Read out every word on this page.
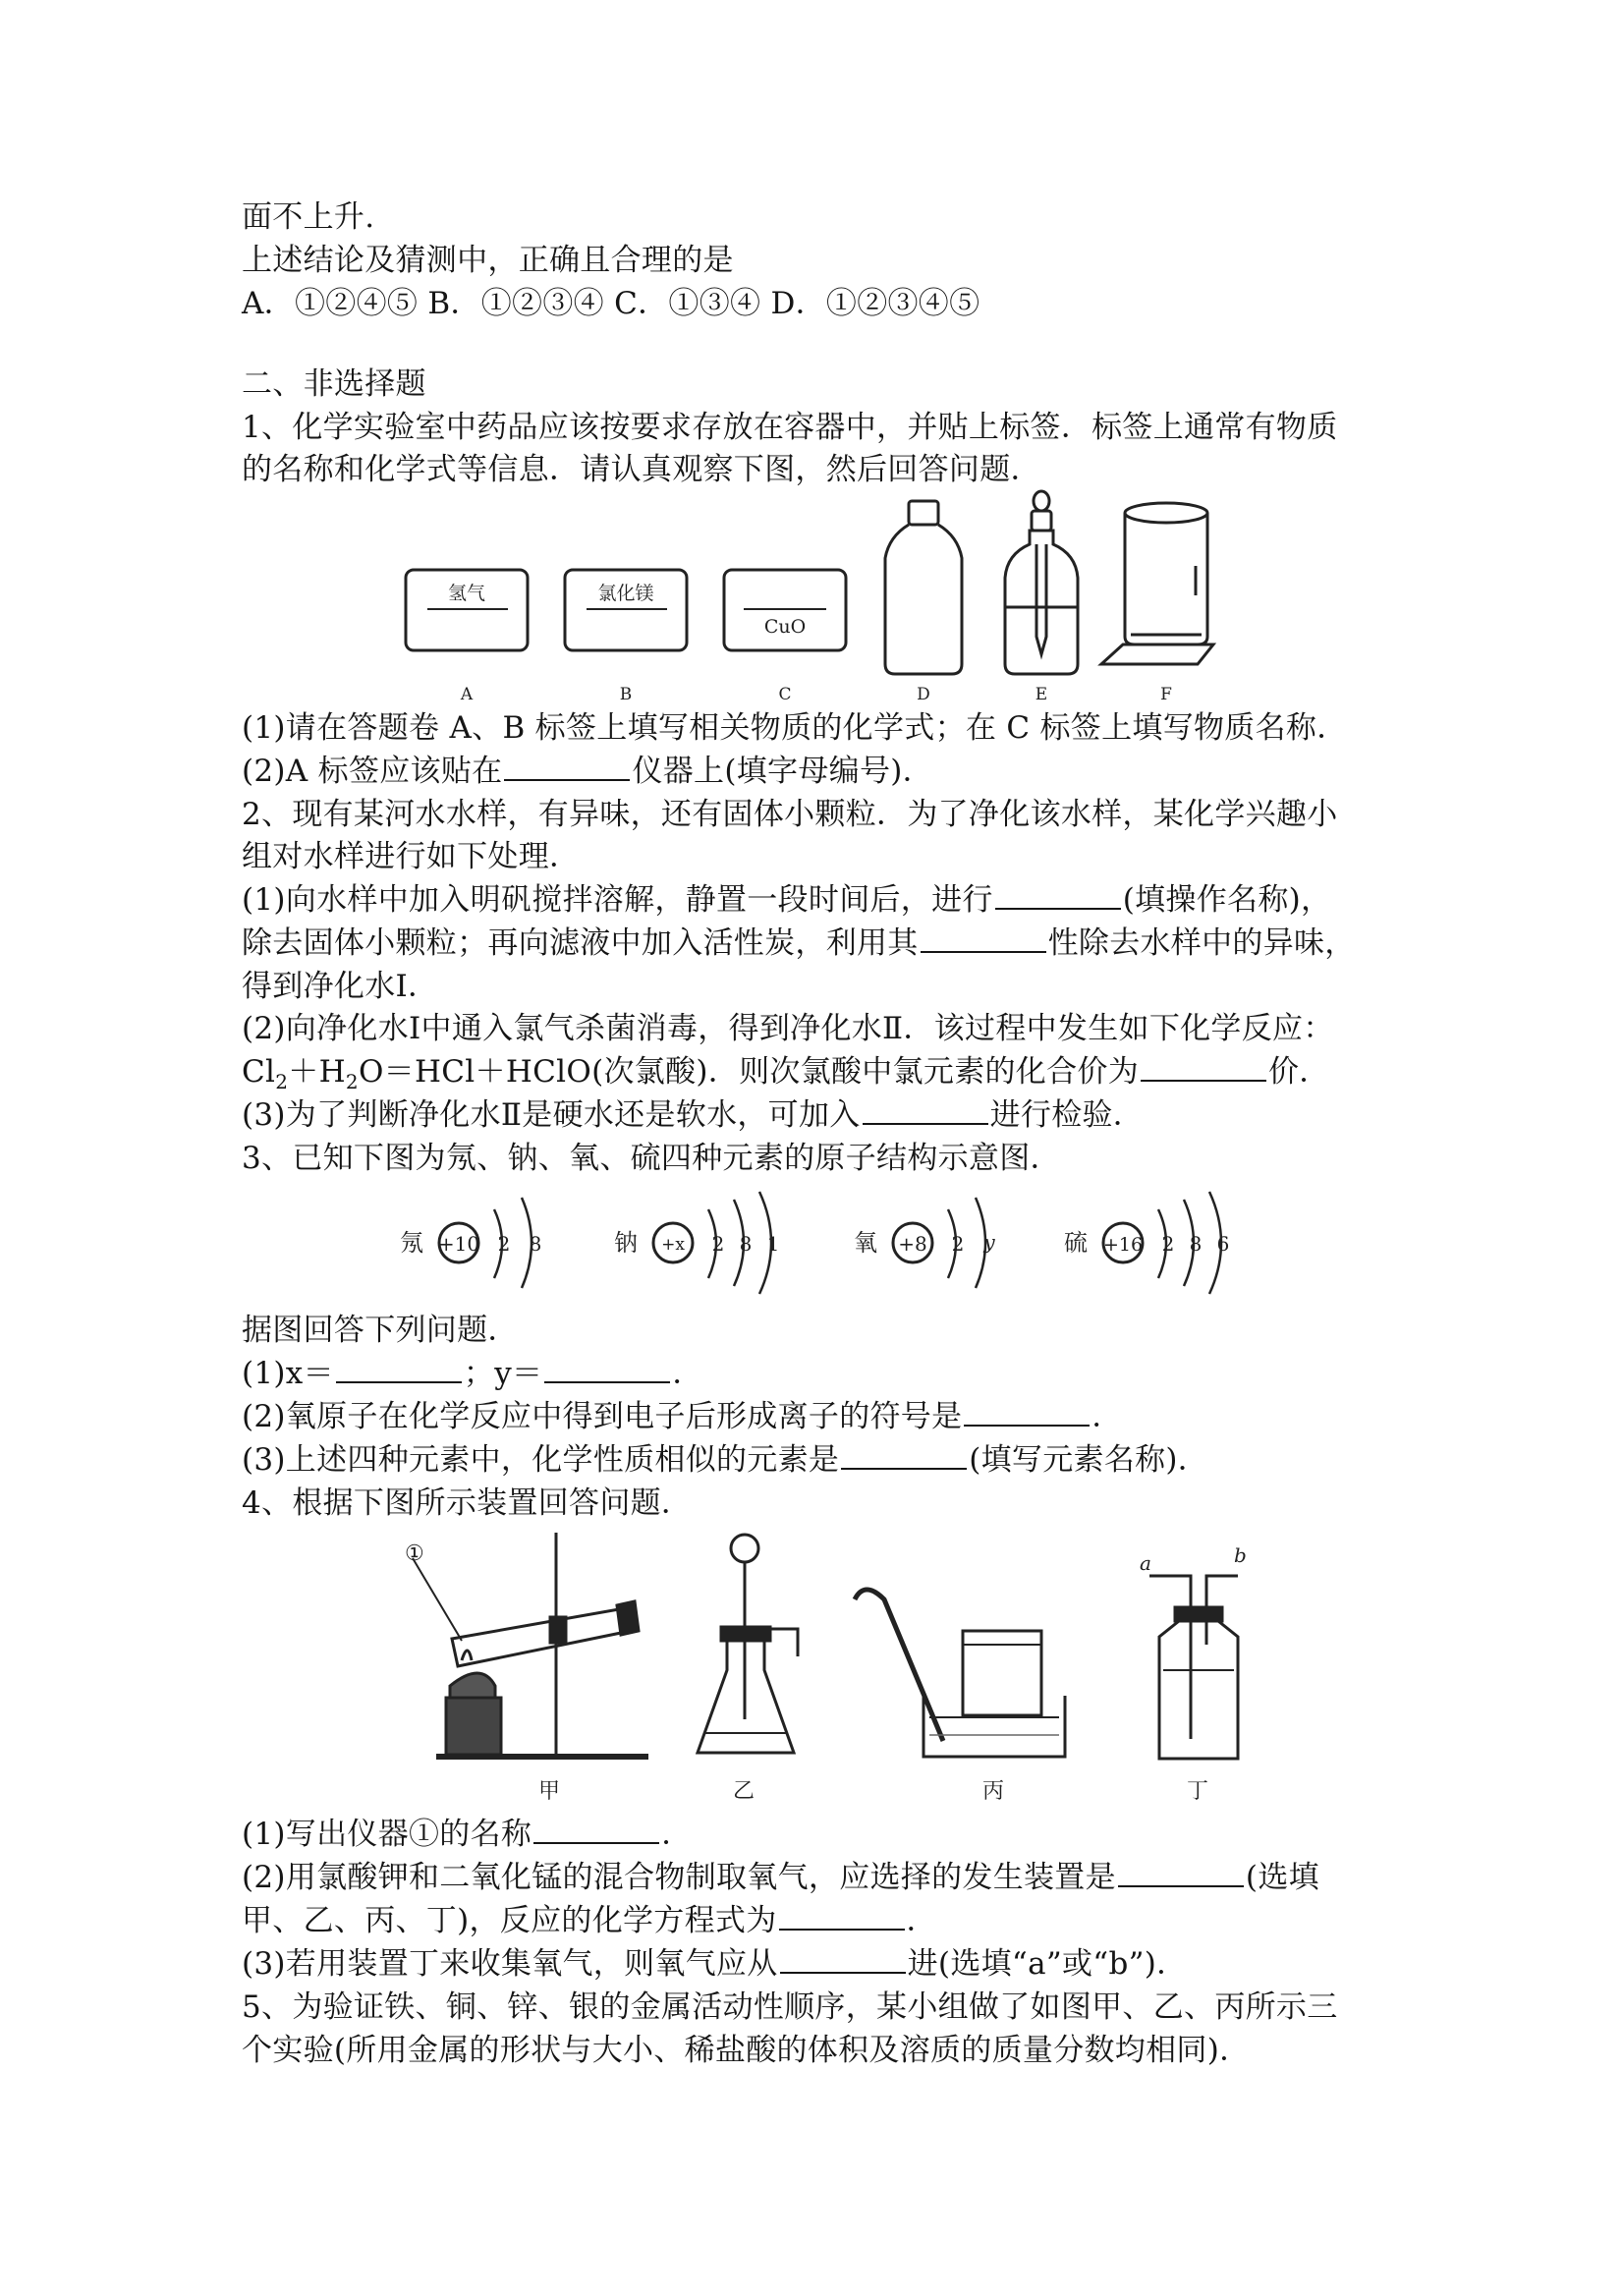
面不上升.
上述结论及猜测中，正确且合理的是
A．①②④⑤ B．①②③④ C．①③④ D．①②③④⑤
二、非选择题
1、化学实验室中药品应该按要求存放在容器中，并贴上标签．标签上通常有物质
的名称和化学式等信息．请认真观察下图，然后回答问题．
氢气	氯化镁
CuO
A	B	C	D	E	F
(1)请在答题卷 A、B 标签上填写相关物质的化学式；在 C 标签上填写物质名称．
(2)A 标签应该贴在	仪器上(填字母编号)．
2、现有某河水水样，有异味，还有固体小颗粒．为了净化该水样，某化学兴趣小
组对水样进行如下处理．
(1)向水样中加入明矾搅拌溶解，静置一段时间后，进行	(填操作名称)，
除去固体小颗粒；再向滤液中加入活性炭，利用其	性除去水样中的异味，
得到净化水Ⅰ．
(2)向净化水Ⅰ中通入氯气杀菌消毒，得到净化水Ⅱ．该过程中发生如下化学反应：
$Cl_2+H_2O=HCl+HClO$(次氯酸)．则次氯酸中氯元素的化合价为	价．
(3)为了判断净化水Ⅱ是硬水还是软水，可加入	进行检验．
3、已知下图为氖、钠、氧、硫四种元素的原子结构示意图．
氖 +10 2 8	钠 +x 2 8 1	氧 +8 2 y	硫 +16 2 8 6
据图回答下列问题．
(1)x＝	；y＝	．
(2)氧原子在化学反应中得到电子后形成离子的符号是	．
(3)上述四种元素中，化学性质相似的元素是	(填写元素名称)．
4、根据下图所示装置回答问题．
①	a	b
甲	乙	丙	丁
(1)写出仪器①的名称	．
(2)用氯酸钾和二氧化锰的混合物制取氧气，应选择的发生装置是	(选填
甲、乙、丙、丁)，反应的化学方程式为	．
(3)若用装置丁来收集氧气，则氧气应从	进(选填“a”或“b”)．
5、为验证铁、铜、锌、银的金属活动性顺序，某小组做了如图甲、乙、丙所示三
个实验(所用金属的形状与大小、稀盐酸的体积及溶质的质量分数均相同)．
